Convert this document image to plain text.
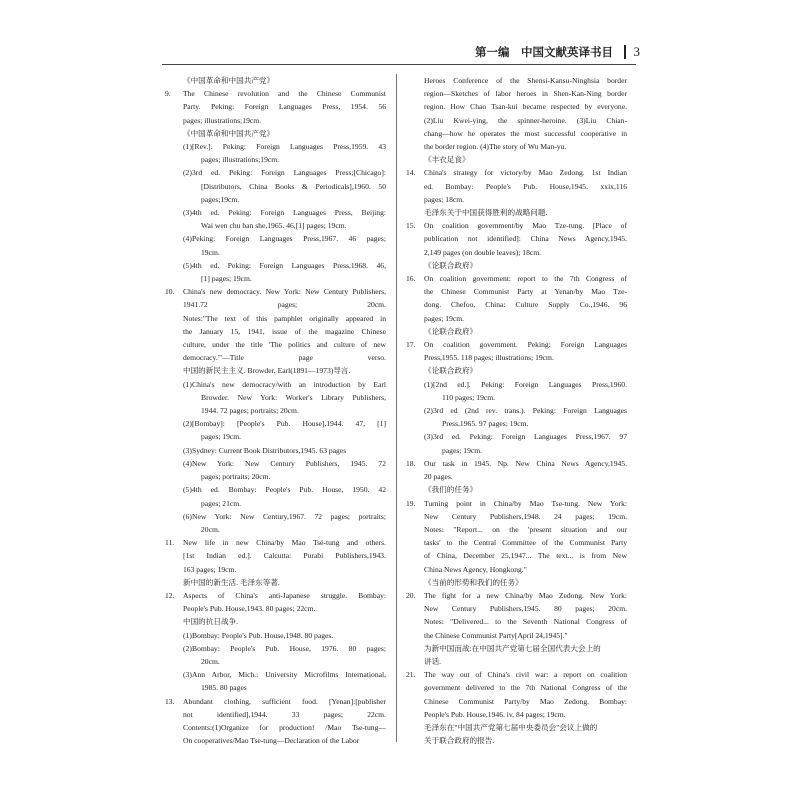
第一编　中国文献英译书目 3
《中国革命和中国共产党》
9. The Chinese revolution and the Chinese Communist
Party. Peking: Foreign Languages Press, 1954. 56
pages; illustrations;19cm.
《中国革命和中国共产党》
(1) [Rev.]. Peking: Foreign Languages Press,1959. 43
pages; illustrations;19cm.
(2) 3rd ed. Peking: Foreign Languages Press;[Chicago]:
[Distributors, China Books & Periodicals],1960. 50
pages;19cm.
(3) 4th ed. Peking: Foreign Languages Press, Beijing:
Wai wen chu ban she,1965. 46,[1] pages; 19cm.
(4) Peking: Foreign Languages Press,1967. 46 pages;
19cm.
(5) 4th ed. Peking: Foreign Languages Press,1968. 46,
[1] pages; 19cm.
10. China's new democracy. New York: New Century Publishers,
1941.72 pages; 20cm.
Notes:"The text of this pamphlet originally appeared in
the January 15, 1941, issue of the magazine Chinese
culture, under the title 'The politics and culture of new
democracy.'"—Title page verso.
中国的新民主主义. Browder, Earl(1891—1973)导言.
(1) China's new democracy/with an introduction by Earl
Browder. New York: Worker's Library Publishers,
1944. 72 pages; portraits; 20cm.
(2) [Bombay]: [People's Pub. House],1944. 47, [1]
pages; 19cm.
(3) Sydney: Current Book Distributors,1945. 63 pages
(4) New York: New Century Publishers, 1945. 72
pages; portraits; 20cm.
(5) 4th ed. Bombay: People's Pub. House, 1950. 42
pages; 21cm.
(6) New York: New Century,1967. 72 pages; portraits;
20cm.
11. New life in new China/by Mao Tsé-tung and others.
[1st Indian ed.]. Calcutta: Purabi Publishers,1943.
163 pages; 19cm.
新中国的新生活. 毛泽东等著.
12. Aspects of China's anti-Japanese struggle. Bombay:
People's Pub. House,1943. 80 pages; 22cm.
中国的抗日战争.
(1) Bombay: People's Pub. House,1948. 80 pages.
(2) Bombay: People's Pub. House, 1976. 80 pages;
20cm.
(3) Ann Arbor, Mich.: University Microfilms International,
1985. 80 pages
13. Abundant clothing, sufficient food. [Yenan]:[publisher
not identified],1944. 33 pages; 22cm.
Contents:(1)Organize for production! /Mao Tse-tung—
On cooperatives/Mao Tse-tung—Declaration of the Labor
Heroes Conference of the Shensi-Kansu-Ninghsia border
region—Sketches of labor heroes in Shen-Kan-Ning border
region. How Chao Tsan-kui became respected by everyone.
(2)Liu Kwei-ying, the spinner-heroine. (3)Liu Chian-
chang—how he operates the most successful cooperative in
the border region. (4)The story of Wu Man-yu.
《丰衣足食》
14. China's strategy for victory/by Mao Zedong. 1st Indian
ed. Bombay: People's Pub. House,1945. xxix,116
pages; 18cm.
毛泽东关于中国获得胜利的战略问题.
15. On coalition government/by Mao Tze-tung. [Place of
publication not identified]: China News Agency,1945.
2,149 pages (on double leaves); 18cm.
《论联合政府》
16. On coalition government: report to the 7th Congress of
the Chinese Communist Party at Yenan/by Mao Tze-
dong. Chefoo, China: Culture Supply Co.,1946. 96
pages; 19cm.
《论联合政府》
17. On coalition government. Peking: Foreign Languages
Press,1955. 118 pages; illustrations; 19cm.
《论联合政府》
(1) [2nd ed.]. Peking: Foreign Languages Press,1960.
110 pages; 19cm.
(2) 3rd ed (2nd rev. trans.). Peking: Foreign Languages
Press,1965. 97 pages; 19cm.
(3) 3rd ed. Peking: Foreign Languages Press,1967. 97
pages; 19cm.
18. Our task in 1945. Np. New China News Agency,1945.
20 pages.
《我们的任务》
19. Turning point in China/by Mao Tse-tung. New York:
New Century Publishers,1948. 24 pages; 19cm.
Notes: "Report... on the 'present situation and our
tasks' to the Central Committee of the Communist Party
of China, December 25,1947... The text... is from New
China News Agency, Hongkong."
《当前的形势和我们的任务》
20. The fight for a new China/by Mao Zedong. New York:
New Century Publishers,1945. 80 pages; 20cm.
Notes: "Delivered... to the Seventh National Congress of
the Chinese Communist Party[April 24,1945]."
为新中国而战:在中国共产党第七届全国代表大会上的
讲话.
21. The way out of China's civil war: a report on coalition
government delivered to the 7th National Congress of the
Chinese Communist Party/by Mao Zedong. Bombay:
People's Pub. House,1946. iv, 84 pages; 19cm.
毛泽东在"中国共产党第七届中央委员会"会议上做的
关于联合政府的报告.
